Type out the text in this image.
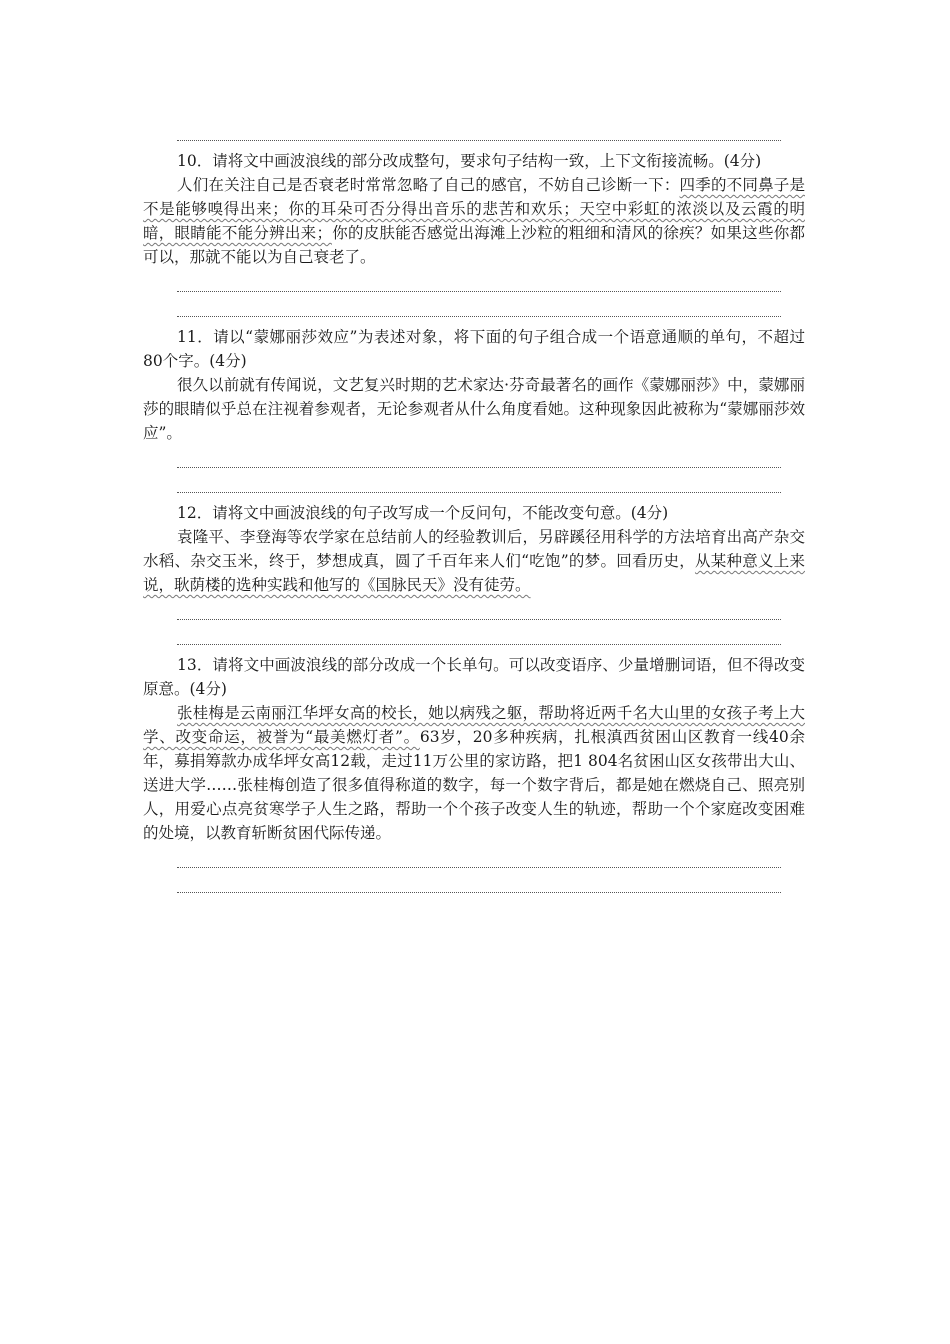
10．请将文中画波浪线的部分改成整句，要求句子结构一致，上下文衔接流畅。(4分)

人们在关注自己是否衰老时常常忽略了自己的感官，不妨自己诊断一下：四季的不同鼻子是不是能够嗅得出来；你的耳朵可否分得出音乐的悲苦和欢乐；天空中彩虹的浓淡以及云霞的明暗，眼睛能不能分辨出来；你的皮肤能否感觉出海滩上沙粒的粗细和清风的徐疾？如果这些你都可以，那就不能以为自己衰老了。

11．请以“蒙娜丽莎效应”为表述对象，将下面的句子组合成一个语意通顺的单句，不超过80个字。(4分)

很久以前就有传闻说，文艺复兴时期的艺术家达·芬奇最著名的画作《蒙娜丽莎》中，蒙娜丽莎的眼睛似乎总在注视着参观者，无论参观者从什么角度看她。这种现象因此被称为“蒙娜丽莎效应”。

12．请将文中画波浪线的句子改写成一个反问句，不能改变句意。(4分)

袁隆平、李登海等农学家在总结前人的经验教训后，另辟蹊径用科学的方法培育出高产杂交水稻、杂交玉米，终于，梦想成真，圆了千百年来人们“吃饱”的梦。回看历史，从某种意义上来说，耿荫楼的选种实践和他写的《国脉民天》没有徒劳。

13．请将文中画波浪线的部分改成一个长单句。可以改变语序、少量增删词语，但不得改变原意。(4分)

张桂梅是云南丽江华坪女高的校长，她以病残之躯，帮助将近两千名大山里的女孩子考上大学、改变命运，被誉为“最美燃灯者”。63岁，20多种疾病，扎根滇西贫困山区教育一线40余年，募捐筹款办成华坪女高12载，走过11万公里的家访路，把1 804名贫困山区女孩带出大山、送进大学……张桂梅创造了很多值得称道的数字，每一个数字背后，都是她在燃烧自己、照亮别人，用爱心点亮贫寒学子人生之路，帮助一个个孩子改变人生的轨迹，帮助一个个家庭改变困难的处境，以教育斩断贫困代际传递。
